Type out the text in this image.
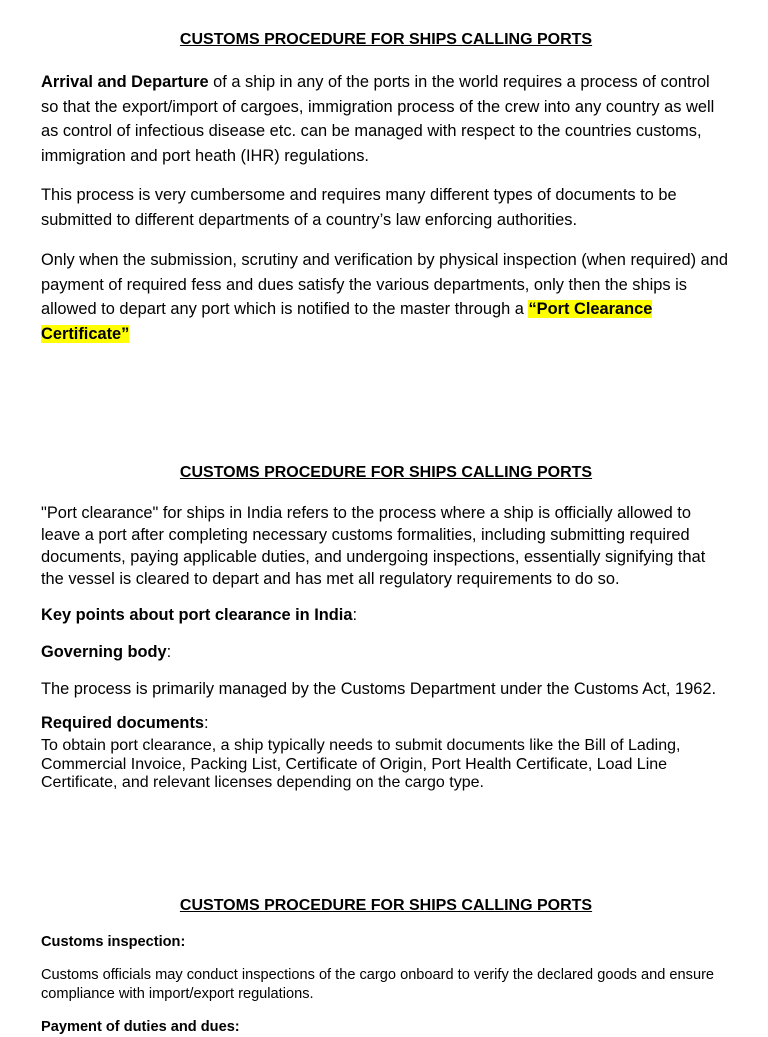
CUSTOMS PROCEDURE FOR SHIPS CALLING PORTS

Arrival and Departure of a ship in any of the ports in the world requires a process of control so that the export/import of cargoes, immigration process of the crew into any country as well as control of infectious disease etc. can be managed with respect to the countries customs, immigration and port heath (IHR) regulations.

This process is very cumbersome and requires many different types of documents to be submitted to different departments of a country’s law enforcing authorities.

Only when the submission, scrutiny and verification by physical inspection (when required) and payment of required fess and dues satisfy the various departments, only then the ships is allowed to depart any port which is notified to the master through a “Port Clearance Certificate”

CUSTOMS PROCEDURE FOR SHIPS CALLING PORTS

"Port clearance" for ships in India refers to the process where a ship is officially allowed to leave a port after completing necessary customs formalities, including submitting required documents, paying applicable duties, and undergoing inspections, essentially signifying that the vessel is cleared to depart and has met all regulatory requirements to do so.

Key points about port clearance in India:

Governing body:

The process is primarily managed by the Customs Department under the Customs Act, 1962.

Required documents:

To obtain port clearance, a ship typically needs to submit documents like the Bill of Lading, Commercial Invoice, Packing List, Certificate of Origin, Port Health Certificate, Load Line Certificate, and relevant licenses depending on the cargo type.

CUSTOMS PROCEDURE FOR SHIPS CALLING PORTS

Customs inspection:

Customs officials may conduct inspections of the cargo onboard to verify the declared goods and ensure compliance with import/export regulations.

Payment of duties and dues:
